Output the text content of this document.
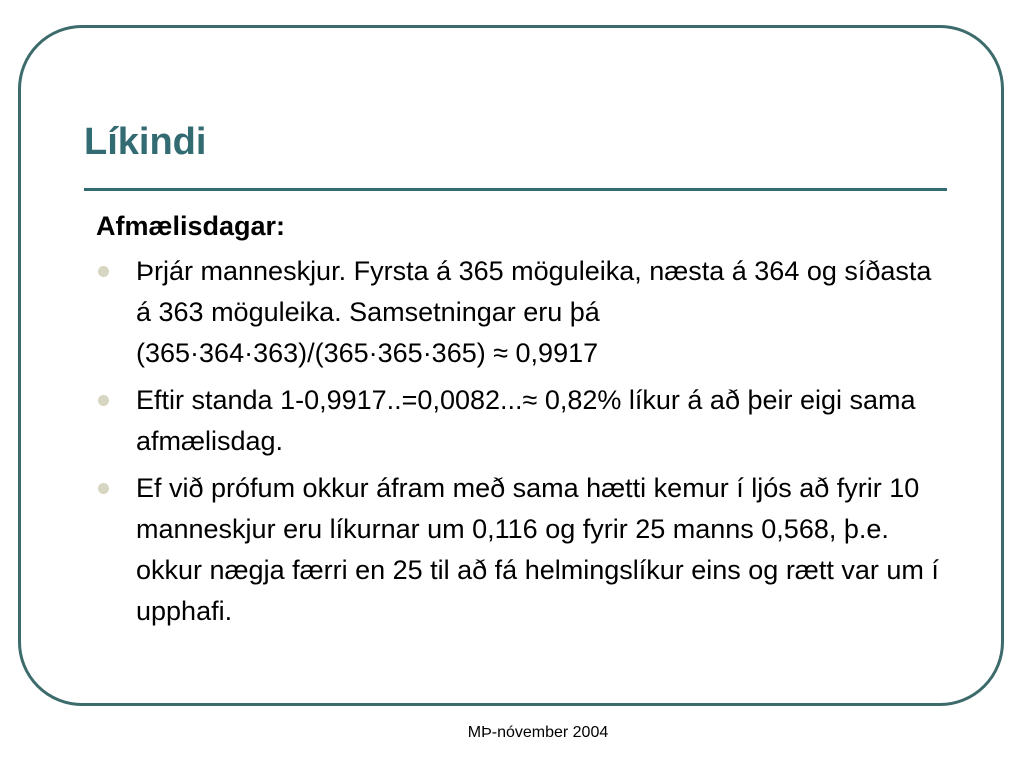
Líkindi
Afmælisdagar:
Þrjár manneskjur. Fyrsta á 365 möguleika, næsta á 364 og síðasta á 363 möguleika. Samsetningar eru þá (365·364·363)/(365·365·365) ≈ 0,9917
Eftir standa 1-0,9917..=0,0082...≈ 0,82% líkur á að þeir eigi sama afmælisdag.
Ef við prófum okkur áfram með sama hætti kemur í ljós að fyrir 10 manneskjur eru líkurnar um 0,116 og fyrir 25 manns 0,568, þ.e. okkur nægja færri en 25 til að fá helmingslíkur eins og rætt var um í upphafi.
MÞ-nóvember 2004
